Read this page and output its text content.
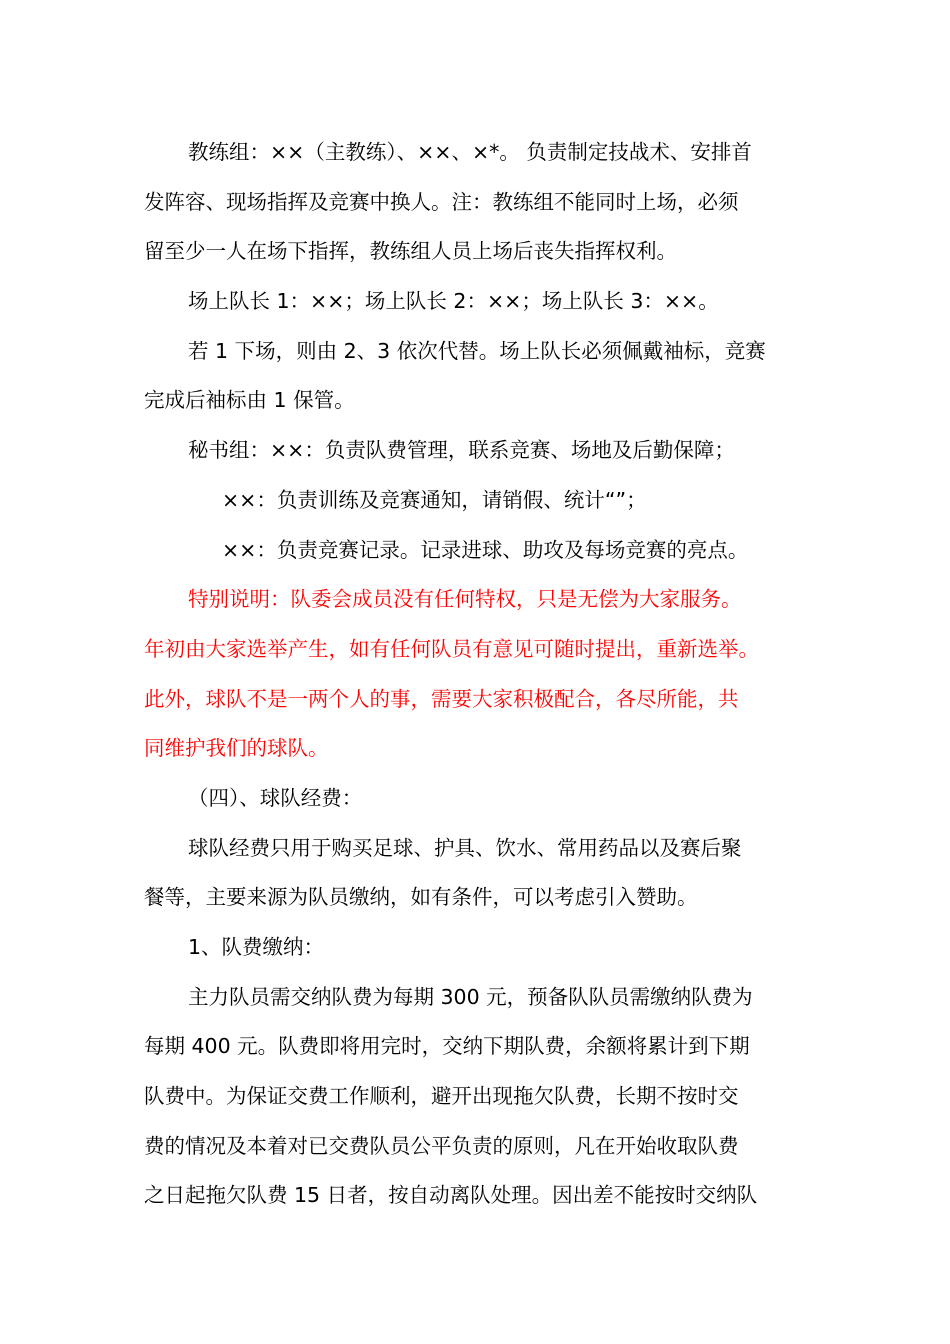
教练组：××（主教练）、××、×*。 负责制定技战术、安排首
发阵容、现场指挥及竞赛中换人。注：教练组不能同时上场，必须
留至少一人在场下指挥，教练组人员上场后丧失指挥权利。
场上队长 1：××；场上队长 2：××；场上队长 3：××。
若 1 下场，则由 2、3 依次代替。场上队长必须佩戴袖标，竞赛
完成后袖标由 1 保管。
秘书组：××：负责队费管理，联系竞赛、场地及后勤保障；
××：负责训练及竞赛通知，请销假、统计“”；
××：负责竞赛记录。记录进球、助攻及每场竞赛的亮点。
特别说明：队委会成员没有任何特权，只是无偿为大家服务。
年初由大家选举产生，如有任何队员有意见可随时提出，重新选举。
此外，球队不是一两个人的事，需要大家积极配合，各尽所能，共
同维护我们的球队。
（四）、球队经费：
球队经费只用于购买足球、护具、饮水、常用药品以及赛后聚
餐等，主要来源为队员缴纳，如有条件，可以考虑引入赞助。
1、队费缴纳：
主力队员需交纳队费为每期 300 元，预备队队员需缴纳队费为
每期 400 元。队费即将用完时，交纳下期队费，余额将累计到下期
队费中。为保证交费工作顺利，避开出现拖欠队费，长期不按时交
费的情况及本着对已交费队员公平负责的原则，凡在开始收取队费
之日起拖欠队费 15 日者，按自动离队处理。因出差不能按时交纳队
